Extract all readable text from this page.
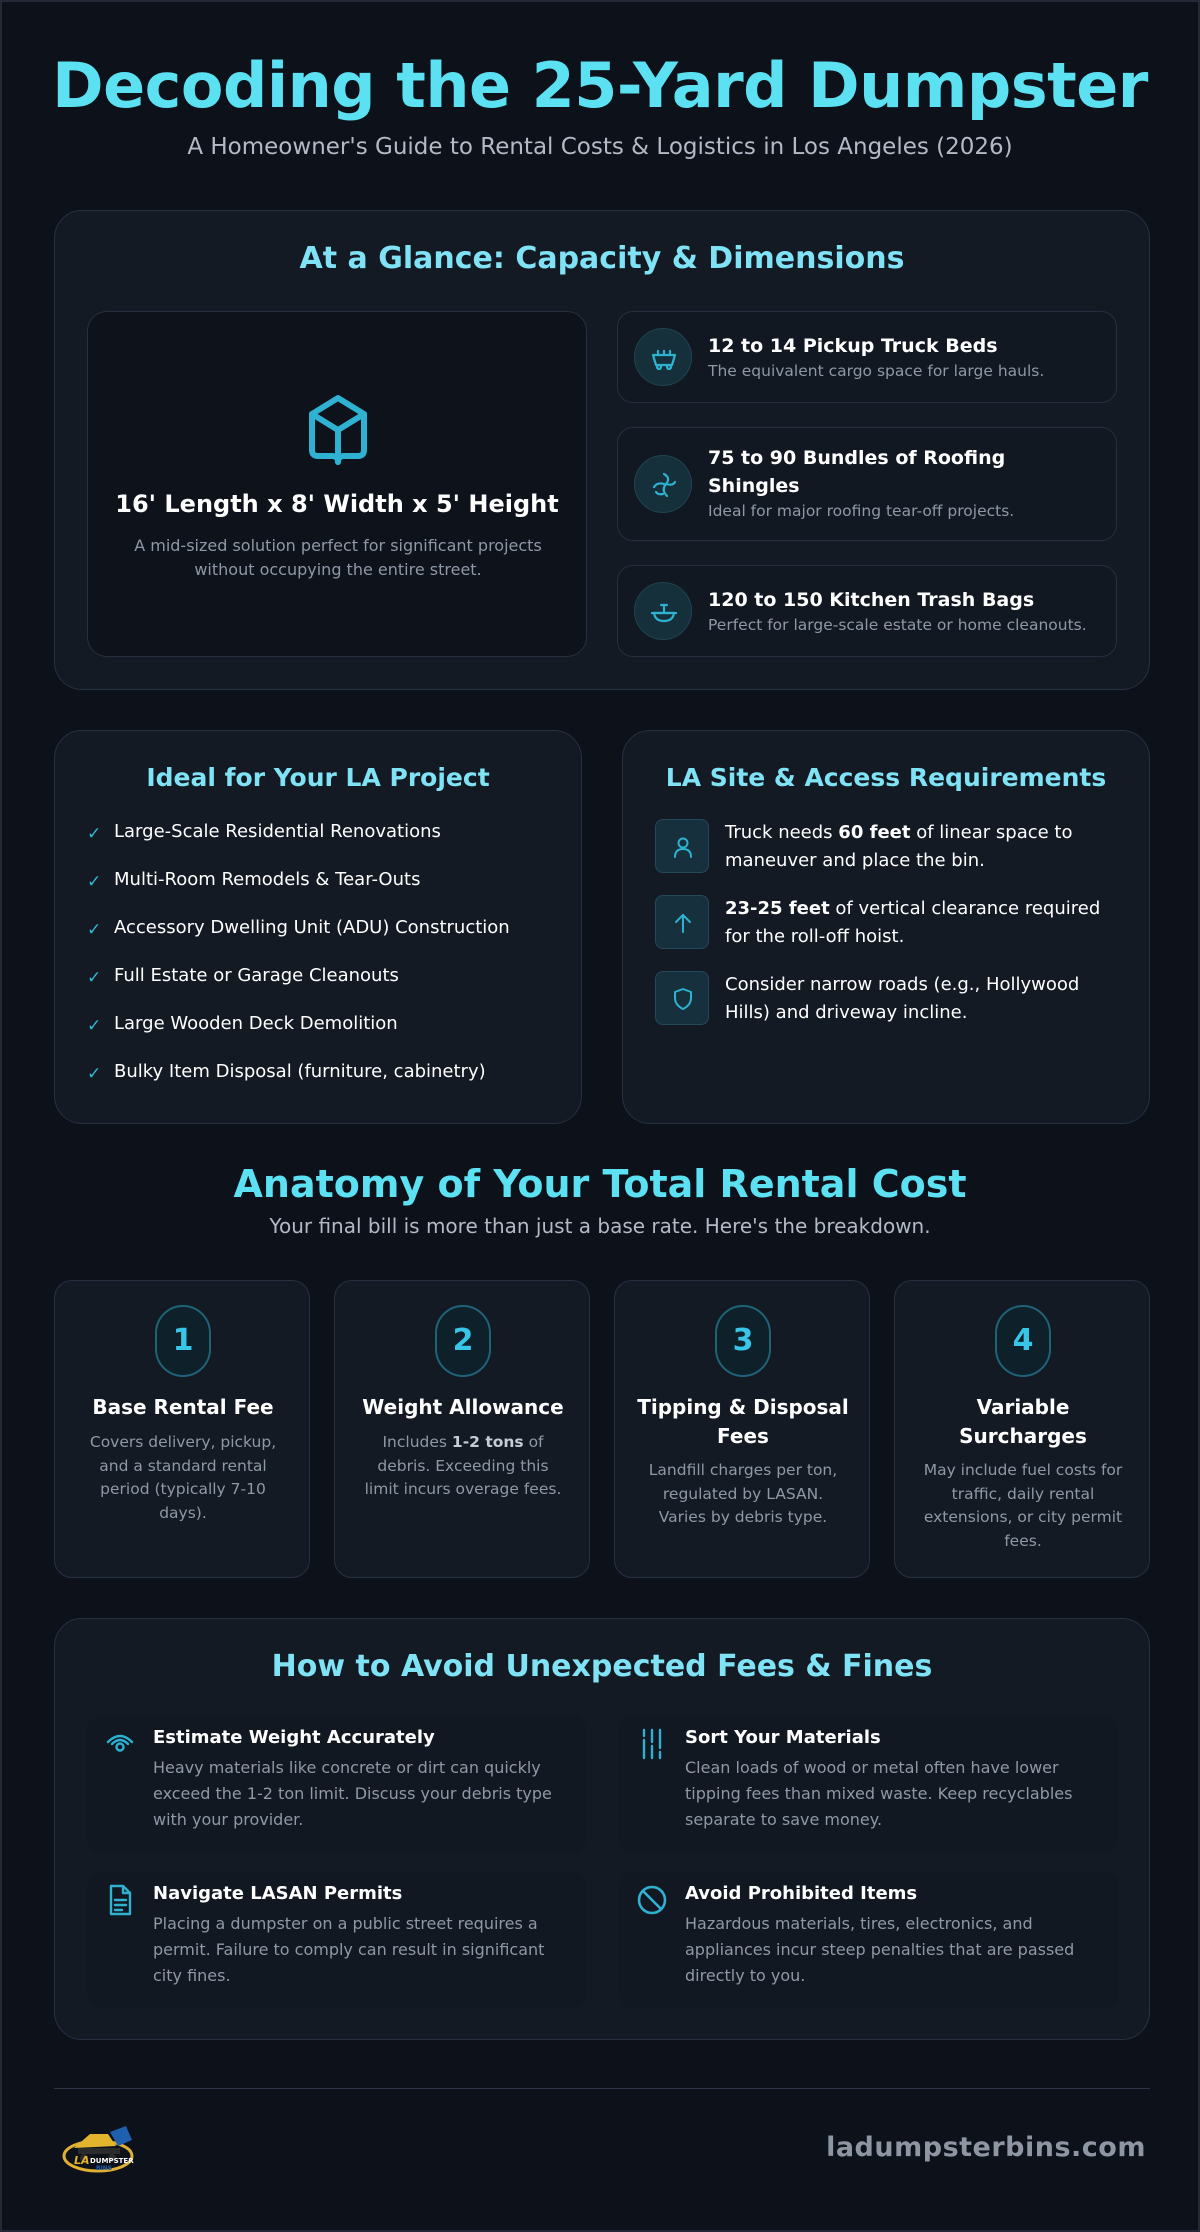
Decoding the 25-Yard Dumpster

A Homeowner's Guide to Rental Costs & Logistics in Los Angeles (2026)

At a Glance: Capacity & Dimensions
16' Length x 8' Width x 5' Height

A mid-sized solution perfect for significant projects without occupying the entire street.

12 to 14 Pickup Truck Beds

The equivalent cargo space for large hauls.

75 to 90 Bundles of Roofing Shingles

Ideal for major roofing tear-off projects.

120 to 150 Kitchen Trash Bags

Perfect for large-scale estate or home cleanouts.

Ideal for Your LA Project
✓ Large-Scale Residential Renovations
✓ Multi-Room Remodels & Tear-Outs
✓ Accessory Dwelling Unit (ADU) Construction
✓ Full Estate or Garage Cleanouts
✓ Large Wooden Deck Demolition
✓ Bulky Item Disposal (furniture, cabinetry)
LA Site & Access Requirements
Truck needs 60 feet of linear space to maneuver and place the bin.
23-25 feet of vertical clearance required for the roll-off hoist.
Consider narrow roads (e.g., Hollywood Hills) and driveway incline.
Anatomy of Your Total Rental Cost

Your final bill is more than just a base rate. Here's the breakdown.

1
Base Rental Fee

Covers delivery, pickup, and a standard rental period (typically 7-10 days).

2
Weight Allowance

Includes 1-2 tons of debris. Exceeding this limit incurs overage fees.

3
Tipping & Disposal Fees

Landfill charges per ton, regulated by LASAN. Varies by debris type.

4
Variable Surcharges

May include fuel costs for traffic, daily rental extensions, or city permit fees.

How to Avoid Unexpected Fees & Fines
Estimate Weight Accurately

Heavy materials like concrete or dirt can quickly exceed the 1-2 ton limit. Discuss your debris type with your provider.

Sort Your Materials

Clean loads of wood or metal often have lower tipping fees than mixed waste. Keep recyclables separate to save money.

Navigate LASAN Permits

Placing a dumpster on a public street requires a permit. Failure to comply can result in significant city fines.

Avoid Prohibited Items

Hazardous materials, tires, electronics, and appliances incur steep penalties that are passed directly to you.

LA DUMPSTER
BINS
ladumpsterbins.com
